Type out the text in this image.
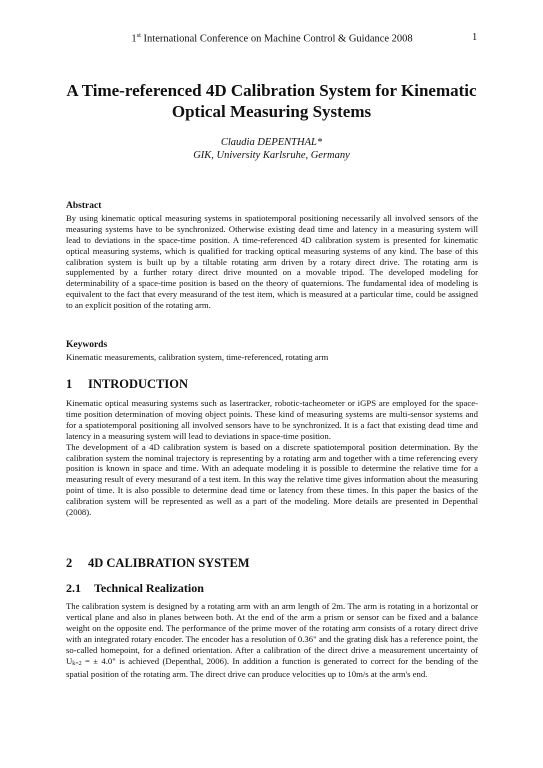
1st International Conference on Machine Control & Guidance 2008	1
A Time-referenced 4D Calibration System for Kinematic
Optical Measuring Systems
Claudia DEPENTHAL*
GIK, University Karlsruhe, Germany
Abstract

By using kinematic optical measuring systems in spatiotemporal positioning necessarily all involved sensors of the measuring systems have to be synchronized. Otherwise existing dead time and latency in a measuring system will lead to deviations in the space-time position. A time-referenced 4D calibration system is presented for kinematic optical measuring systems, which is qualified for tracking optical measuring systems of any kind. The base of this calibration system is built up by a tiltable rotating arm driven by a rotary direct drive. The rotating arm is supplemented by a further rotary direct drive mounted on a movable tripod. The developed modeling for determinability of a space-time position is based on the theory of quaternions. The fundamental idea of modeling is equivalent to the fact that every measurand of the test item, which is measured at a particular time, could be assigned to an explicit position of the rotating arm.

Keywords

Kinematic measurements, calibration system, time-referenced, rotating arm

1 INTRODUCTION

Kinematic optical measuring systems such as lasertracker, robotic-tacheometer or iGPS are employed for the space-time position determination of moving object points. These kind of measuring systems are multi-sensor systems and for a spatiotemporal positioning all involved sensors have to be synchronized. It is a fact that existing dead time and latency in a measuring system will lead to deviations in space-time position.

The development of a 4D calibration system is based on a discrete spatiotemporal position determination. By the calibration system the nominal trajectory is representing by a rotating arm and together with a time referencing every position is known in space and time. With an adequate modeling it is possible to determine the relative time for a measuring result of every mesurand of a test item. In this way the relative time gives information about the measuring point of time. It is also possible to determine dead time or latency from these times. In this paper the basics of the calibration system will be represented as well as a part of the modeling. More details are presented in Depenthal (2008).

2 4D CALIBRATION SYSTEM
2.1 Technical Realization

The calibration system is designed by a rotating arm with an arm length of 2m. The arm is rotating in a horizontal or vertical plane and also in planes between both. At the end of the arm a prism or sensor can be fixed and a balance weight on the opposite end. The performance of the prime mover of the rotating arm consists of a rotary direct drive with an integrated rotary encoder. The encoder has a resolution of 0.36" and the grating disk has a reference point, the so-called homepoint, for a defined orientation. After a calibration of the direct drive a measurement uncertainty of Uk=2 = ± 4.0" is achieved (Depenthal, 2006). In addition a function is generated to correct for the bending of the spatial position of the rotating arm. The direct drive can produce velocities up to 10m/s at the arm's end.
